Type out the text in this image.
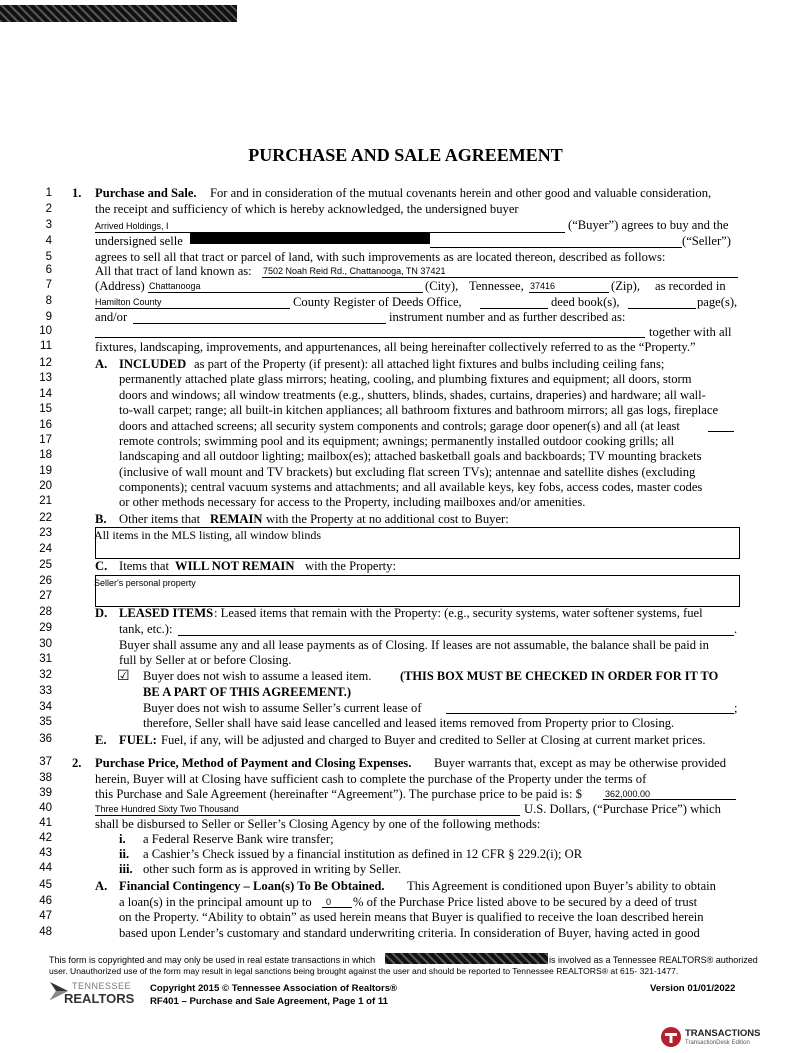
PURCHASE AND SALE AGREEMENT
1
2
3
4
5
6
7
8
9
10
11
12
13
14
15
16
17
18
19
20
21
22
23
24
25
26
27
28
29
30
31
32
33
34
35
36
37
38
39
40
41
42
43
44
45
46
47
48
1. Purchase and Sale. For and in consideration of the mutual covenants herein and other good and valuable consideration,
the receipt and sufficiency of which is hereby acknowledged, the undersigned buyer
Arrived Holdings, I	(“Buyer”) agrees to buy and the
undersigned selle	(“Seller”)
agrees to sell all that tract or parcel of land, with such improvements as are located thereon, described as follows:
All that tract of land known as: 7502 Noah Reid Rd., Chattanooga, TN 37421
(Address) Chattanooga	(City), Tennessee, 37416	(Zip), as recorded in
Hamilton County	County Register of Deeds Office,	deed book(s),	page(s),
and/or	instrument number and as further described as:
together with all
fixtures, landscaping, improvements, and appurtenances, all being hereinafter collectively referred to as the “Property.”
A. INCLUDED as part of the Property (if present): all attached light fixtures and bulbs including ceiling fans;
permanently attached plate glass mirrors; heating, cooling, and plumbing fixtures and equipment; all doors, storm
doors and windows; all window treatments (e.g., shutters, blinds, shades, curtains, draperies) and hardware; all wall-
to-wall carpet; range; all built-in kitchen appliances; all bathroom fixtures and bathroom mirrors; all gas logs, fireplace
doors and attached screens; all security system components and controls; garage door opener(s) and all (at least
remote controls; swimming pool and its equipment; awnings; permanently installed outdoor cooking grills; all
landscaping and all outdoor lighting; mailbox(es); attached basketball goals and backboards; TV mounting brackets
(inclusive of wall mount and TV brackets) but excluding flat screen TVs); antennae and satellite dishes (excluding
components); central vacuum systems and attachments; and all available keys, key fobs, access codes, master codes
or other methods necessary for access to the Property, including mailboxes and/or amenities.
B. Other items that REMAIN with the Property at no additional cost to Buyer:
All items in the MLS listing, all window blinds
C. Items that WILL NOT REMAIN with the Property:
Seller's personal property
D. LEASED ITEMS : Leased items that remain with the Property: (e.g., security systems, water softener systems, fuel
tank, etc.):	.
Buyer shall assume any and all lease payments as of Closing. If leases are not assumable, the balance shall be paid in
full by Seller at or before Closing.
☑ Buyer does not wish to assume a leased item. (THIS BOX MUST BE CHECKED IN ORDER FOR IT TO
BE A PART OF THIS AGREEMENT.)
Buyer does not wish to assume Seller’s current lease of	;
therefore, Seller shall have said lease cancelled and leased items removed from Property prior to Closing.
E. FUEL: Fuel, if any, will be adjusted and charged to Buyer and credited to Seller at Closing at current market prices.
2. Purchase Price, Method of Payment and Closing Expenses. Buyer warrants that, except as may be otherwise provided
herein, Buyer will at Closing have sufficient cash to complete the purchase of the Property under the terms of
this Purchase and Sale Agreement (hereinafter “Agreement”). The purchase price to be paid is: $	362,000.00
Three Hundred Sixty Two Thousand	U.S. Dollars, (“Purchase Price”) which
shall be disbursed to Seller or Seller’s Closing Agency by one of the following methods:
i. a Federal Reserve Bank wire transfer;
ii. a Cashier’s Check issued by a financial institution as defined in 12 CFR § 229.2(i); OR
iii. other such form as is approved in writing by Seller.
A. Financial Contingency – Loan(s) To Be Obtained. This Agreement is conditioned upon Buyer’s ability to obtain
a loan(s) in the principal amount up to 0 % of the Purchase Price listed above to be secured by a deed of trust
on the Property. “Ability to obtain” as used herein means that Buyer is qualified to receive the loan described herein
based upon Lender’s customary and standard underwriting criteria. In consideration of Buyer, having acted in good
This form is copyrighted and may only be used in real estate transactions in which	is involved as a Tennessee REALTORS® authorized
user. Unauthorized use of the form may result in legal sanctions being brought against the user and should be reported to Tennessee REALTORS® at 615- 321-1477.
TENNESSEE
REALTORS
Copyright 2015 © Tennessee Association of Realtors®
RF401 – Purchase and Sale Agreement, Page 1 of 11
Version 01/01/2022
TRANSACTIONS
TransactionDesk Edition
